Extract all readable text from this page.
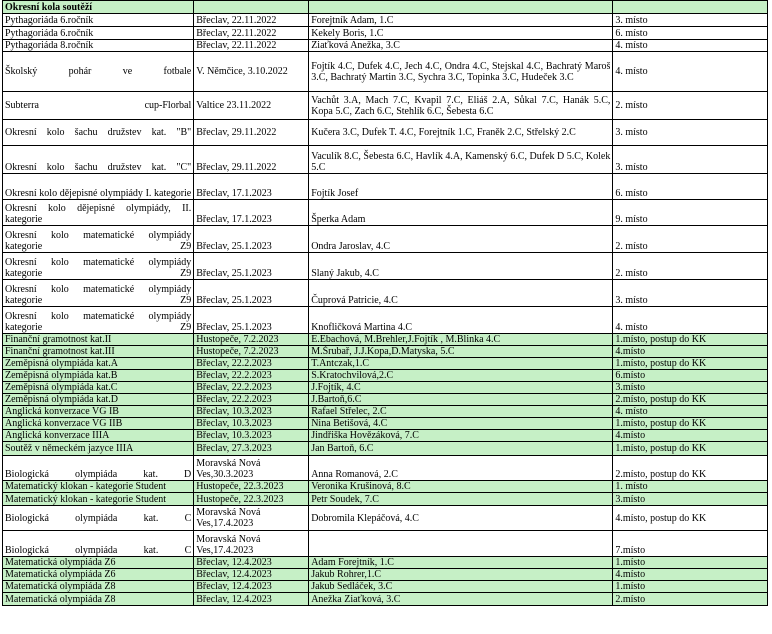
Okresní kola soutěží			
Pythagoriáda 6.ročník	Břeclav, 22.11.2022	Forejtník Adam, 1.C	3. místo
Pythagoriáda 6.ročník	Břeclav, 22.11.2022	Kekely Boris, 1.C	6. místo
Pythagoriáda 8.ročník	Břeclav, 22.11.2022	Ziaťková Anežka, 3.C	4. místo
Školský pohár ve fotbale	V. Němčice, 3.10.2022	Fojtík 4.C, Dufek 4.C, Jech 4.C, Ondra 4.C, Stejskal 4.C, Bachratý Maroš 3.C, Bachratý Martin 3.C, Sychra 3.C, Topinka 3.C, Hudeček 3.C	4. místo
Subterra cup-Florbal	Valtice 23.11.2022	Vachůt 3.A, Mach 7.C, Kvapil 7.C, Eliáš 2.A, Sůkal 7.C, Hanák 5.C, Kopa 5.C, Zach 6.C, Stehlík 6.C, Šebesta 6.C	2. místo
Okresní kolo šachu družstev kat. "B"	Břeclav, 29.11.2022	Kučera 3.C, Dufek T. 4.C, Forejtník 1.C, Franěk 2.C, Střelský 2.C	3. místo
Okresní kolo šachu družstev kat. "C"	Břeclav, 29.11.2022	Vaculík 8.C, Šebesta 6.C, Havlík 4.A, Kamenský 6.C, Dufek D 5.C, Kolek 5.C	3. místo
Okresní kolo dějepisné olympiády I. kategorie	Břeclav, 17.1.2023	Fojtík Josef	6. místo
Okresní kolo dějepisné olympiády, II. kategorie	Břeclav, 17.1.2023	Šperka Adam	9. místo
Okresní kolo matematické olympiády kategorie Z9	Břeclav, 25.1.2023	Ondra Jaroslav, 4.C	2. místo
Okresní kolo matematické olympiády kategorie Z9	Břeclav, 25.1.2023	Slaný Jakub, 4.C	2. místo
Okresní kolo matematické olympiády kategorie Z9	Břeclav, 25.1.2023	Čuprová Patricie, 4.C	3. místo
Okresní kolo matematické olympiády kategorie Z9	Břeclav, 25.1.2023	Knofličková Martina 4.C	4. místo
Finanční gramotnost kat.II	Hustopeče, 7.2.2023	E.Ebachová, M.Brehler,J.Fojtík , M.Blinka 4.C	1.místo, postup do KK
Finanční gramotnost kat.III	Hustopeče, 7.2.2023	M.Šrubař, J.J.Kopa,D.Matyska, 5.C	4.místo
Zeměpisná olympiáda kat.A	Břeclav, 22.2.2023	T.Antczak,1.C	1.místo, postup do KK
Zeměpisná olympiáda kat.B	Břeclav, 22.2.2023	S.Kratochvilová,2.C	6.místo
Zeměpisná olympiáda kat.C	Břeclav, 22.2.2023	J.Fojtík, 4.C	3.místo
Zeměpisná olympiáda kat.D	Břeclav, 22.2.2023	J.Bartoň,6.C	2.místo, postup do KK
Anglická konverzace VG IB	Břeclav, 10.3.2023	Rafael Střelec, 2.C	4. místo
Anglická konverzace VG IIB	Břeclav, 10.3.2023	Nina Betišová, 4.C	1.místo, postup do KK
Anglická konverzace IIIA	Břeclav, 10.3.2023	Jindřiška Hovězáková, 7.C	4.místo
Soutěž v německém jazyce IIIA	Břeclav, 27.3.2023	Jan Bartoň, 6.C	1.místo, postup do KK
Biologická olympiáda kat. D	Moravská Nová Ves,30.3.2023	Anna Romanová, 2.C	2.místo, postup do KK
Matematický klokan - kategorie Student	Hustopeče, 22.3.2023	Veronika Krušinová, 8.C	1. místo
Matematický klokan - kategorie Student	Hustopeče, 22.3.2023	Petr Soudek, 7.C	3.místo
Biologická olympiáda kat. C	Moravská Nová Ves,17.4.2023	Dobromila Klepáčová, 4.C	4.místo, postup do KK
Biologická olympiáda kat. C	Moravská Nová Ves,17.4.2023		7.místo
Matematická olympiáda Z6	Břeclav, 12.4.2023	Adam Forejtník, 1.C	1.místo
Matematická olympiáda Z6	Břeclav, 12.4.2023	Jakub Rohrer,1.C	4.místo
Matematická olympiáda Z8	Břeclav, 12.4.2023	Jakub Sedláček, 3.C	1.místo
Matematická olympiáda Z8	Břeclav, 12.4.2023	Anežka Ziaťková, 3.C	2.místo
